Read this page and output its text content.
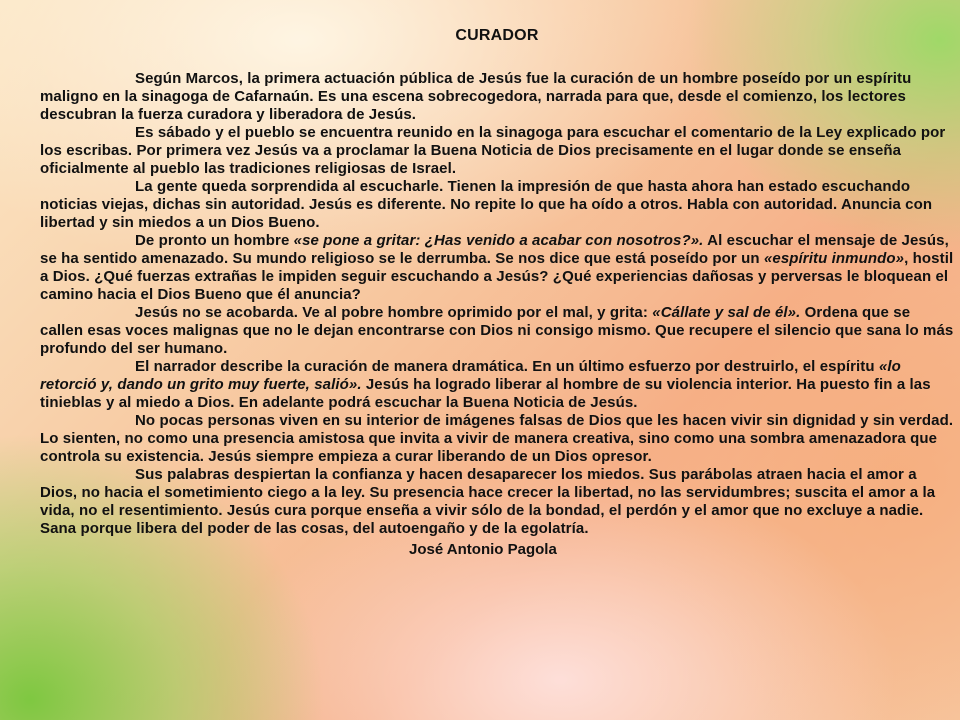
CURADOR

Según Marcos, la primera actuación pública de Jesús fue la curación de un hombre poseído por un espíritu maligno en la sinagoga de Cafarnaún. Es una escena sobrecogedora, narrada para que, desde el comienzo, los lectores descubran la fuerza curadora y liberadora de Jesús.

Es sábado y el pueblo se encuentra reunido en la sinagoga para escuchar el comentario de la Ley explicado por los escribas. Por primera vez Jesús va a proclamar la Buena Noticia de Dios precisamente en el lugar donde se enseña oficialmente al pueblo las tradiciones religiosas de Israel.

La gente queda sorprendida al escucharle. Tienen la impresión de que hasta ahora han estado escuchando noticias viejas, dichas sin autoridad. Jesús es diferente. No repite lo que ha oído a otros. Habla con autoridad. Anuncia con libertad y sin miedos a un Dios Bueno.

De pronto un hombre «se pone a gritar: ¿Has venido a acabar con nosotros?». Al escuchar el mensaje de Jesús, se ha sentido amenazado. Su mundo religioso se le derrumba. Se nos dice que está poseído por un «espíritu inmundo», hostil a Dios. ¿Qué fuerzas extrañas le impiden seguir escuchando a Jesús? ¿Qué experiencias dañosas y perversas le bloquean el camino hacia el Dios Bueno que él anuncia?

Jesús no se acobarda. Ve al pobre hombre oprimido por el mal, y grita: «Cállate y sal de él». Ordena que se callen esas voces malignas que no le dejan encontrarse con Dios ni consigo mismo. Que recupere el silencio que sana lo más profundo del ser humano.

El narrador describe la curación de manera dramática. En un último esfuerzo por destruirlo, el espíritu «lo retorció y, dando un grito muy fuerte, salió». Jesús ha logrado liberar al hombre de su violencia interior. Ha puesto fin a las tinieblas y al miedo a Dios. En adelante podrá escuchar la Buena Noticia de Jesús.

No pocas personas viven en su interior de imágenes falsas de Dios que les hacen vivir sin dignidad y sin verdad. Lo sienten, no como una presencia amistosa que invita a vivir de manera creativa, sino como una sombra amenazadora que controla su existencia. Jesús siempre empieza a curar liberando de un Dios opresor.

Sus palabras despiertan la confianza y hacen desaparecer los miedos. Sus parábolas atraen hacia el amor a Dios, no hacia el sometimiento ciego a la ley. Su presencia hace crecer la libertad, no las servidumbres; suscita el amor a la vida, no el resentimiento. Jesús cura porque enseña a vivir sólo de la bondad, el perdón y el amor que no excluye a nadie. Sana porque libera del poder de las cosas, del autoengaño y de la egolatría.

José Antonio Pagola
